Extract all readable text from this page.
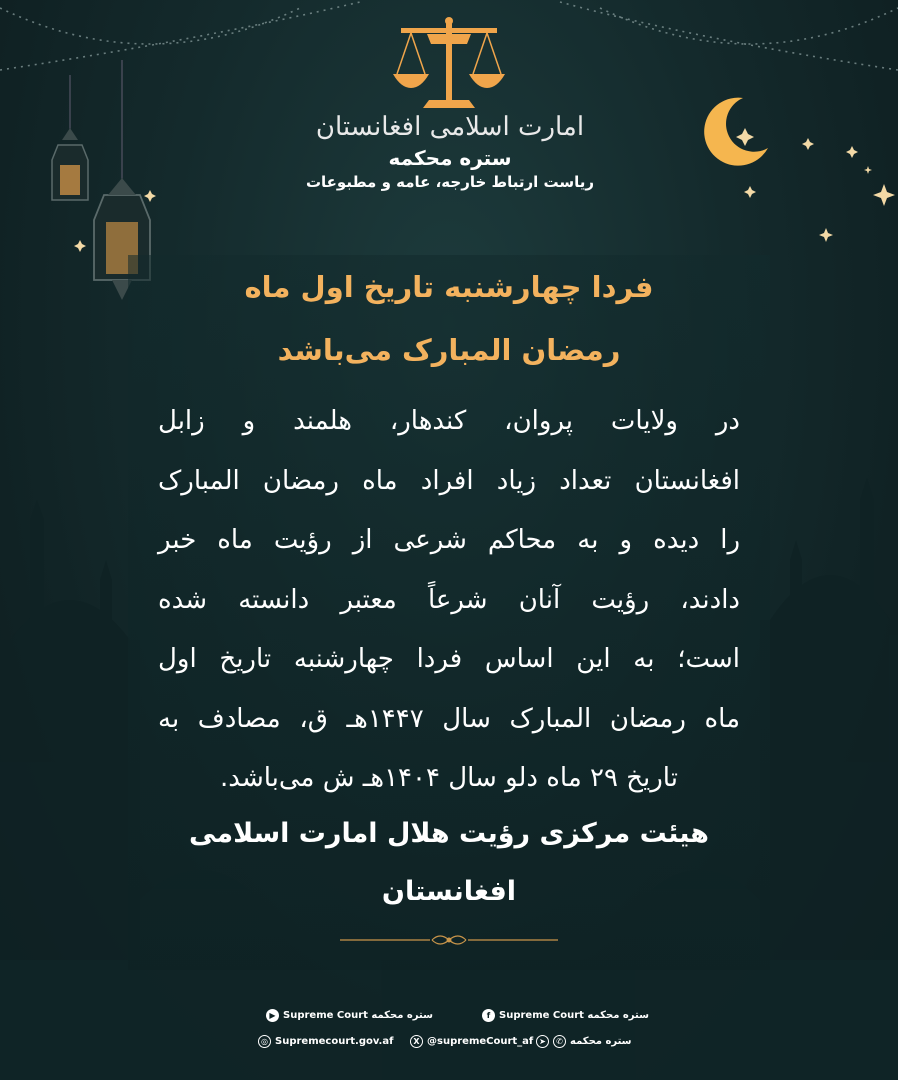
امارت اسلامی افغانستان
ستره محکمه
ریاست ارتباط خارجه، عامه و مطبوعات
فردا چهارشنبه تاریخ اول ماه
رمضان المبارک می‌باشد
در ولایات پروان، کندهار، هلمند و زابل
افغانستان تعداد زیاد افراد ماه رمضان المبارک
را دیده و به محاکم شرعی از رؤیت ماه خبر
دادند، رؤیت آنان شرعاً معتبر دانسته شده
است؛ به این اساس فردا چهارشنبه تاریخ اول
ماه رمضان المبارک سال ۱۴۴۷هـ ق، مصادف به
تاریخ ۲۹ ماه دلو سال ۱۴۰۴هـ ش می‌باشد.
هیئت مرکزی رؤیت هلال امارت اسلامی
افغانستان
f ستره محکمه Supreme Court
▶ ستره محکمه Supreme Court
X @supremeCourt_af ➤	✆ ستره محکمه
◎ Supremecourt.gov.af
